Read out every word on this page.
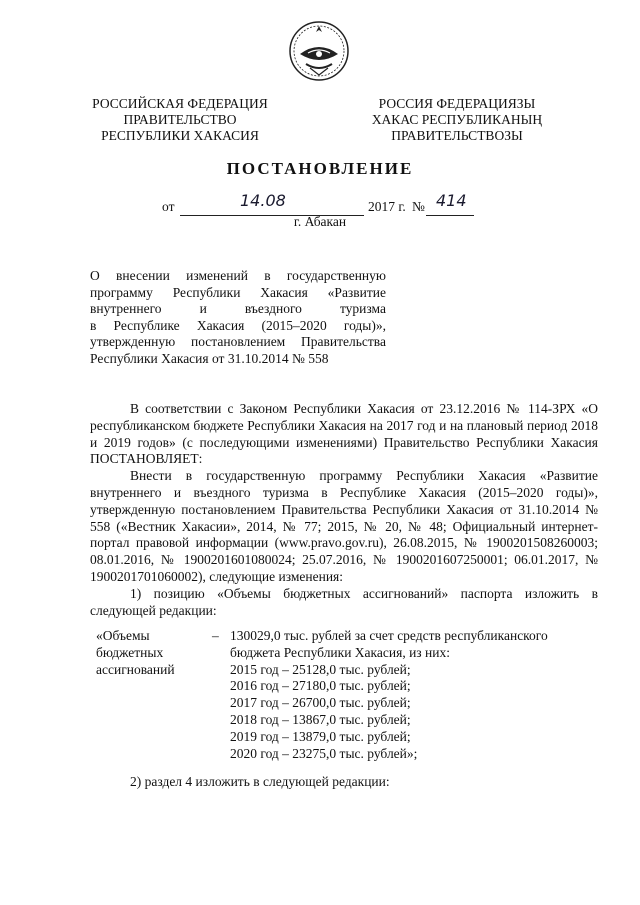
РОССИЙСКАЯ ФЕДЕРАЦИЯ
ПРАВИТЕЛЬСТВО
РЕСПУБЛИКИ ХАКАСИЯ
РОССИЯ ФЕДЕРАЦИЯЗЫ
ХАКАС РЕСПУБЛИКАНЫҢ
ПРАВИТЕЛЬСТВОЗЫ
ПОСТАНОВЛЕНИЕ
от	14.08	2017 г. № 414
г. Абакан
О внесении изменений в государственную
программу Республики Хакасия «Развитие
внутреннего и въездного туризма
в Республике Хакасия (2015–2020 годы)»,
утвержденную постановлением Правительства
Республики Хакасия от 31.10.2014 № 558

В соответствии с Законом Республики Хакасия от 23.12.2016 № 114-ЗРХ «О республиканском бюджете Республики Хакасия на 2017 год и на плановый период 2018 и 2019 годов» (с последующими изменениями) Правительство Республики Хакасия ПОСТАНОВЛЯЕТ:

Внести в государственную программу Республики Хакасия «Развитие внутреннего и въездного туризма в Республике Хакасия (2015–2020 годы)», утвержденную постановлением Правительства Республики Хакасия от 31.10.2014 № 558 («Вестник Хакасии», 2014, № 77; 2015, № 20, № 48; Официальный интернет-портал правовой информации (www.pravo.gov.ru), 26.08.2015, № 1900201508260003; 08.01.2016, № 1900201601080024; 25.07.2016, № 1900201607250001; 06.01.2017, № 1900201701060002), следующие изменения:

1) позицию «Объемы бюджетных ассигнований» паспорта изложить в следующей редакции:

«Объемы
бюджетных
ассигнований
– 130029,0 тыс. рублей за счет средств республиканского
бюджета Республики Хакасия, из них:
2015 год – 25128,0 тыс. рублей;
2016 год – 27180,0 тыс. рублей;
2017 год – 26700,0 тыс. рублей;
2018 год – 13867,0 тыс. рублей;
2019 год – 13879,0 тыс. рублей;
2020 год – 23275,0 тыс. рублей»;
2) раздел 4 изложить в следующей редакции:
